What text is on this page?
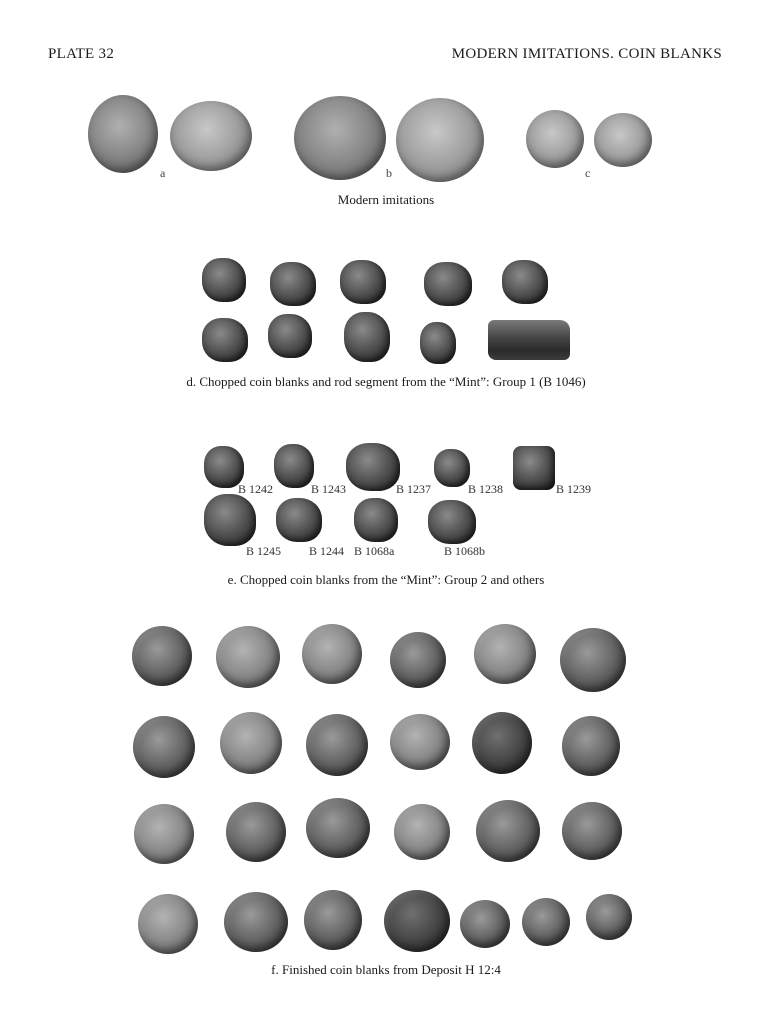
PLATE 32	MODERN IMITATIONS. COIN BLANKS
a	b	c
Modern imitations
d. Chopped coin blanks and rod segment from the “Mint”: Group 1 (B 1046)
B 1242	B 1243	B 1237	B 1238	B 1239
B 1245 B 1244 B 1068a	B 1068b
e. Chopped coin blanks from the “Mint”: Group 2 and others
f. Finished coin blanks from Deposit H 12:4
